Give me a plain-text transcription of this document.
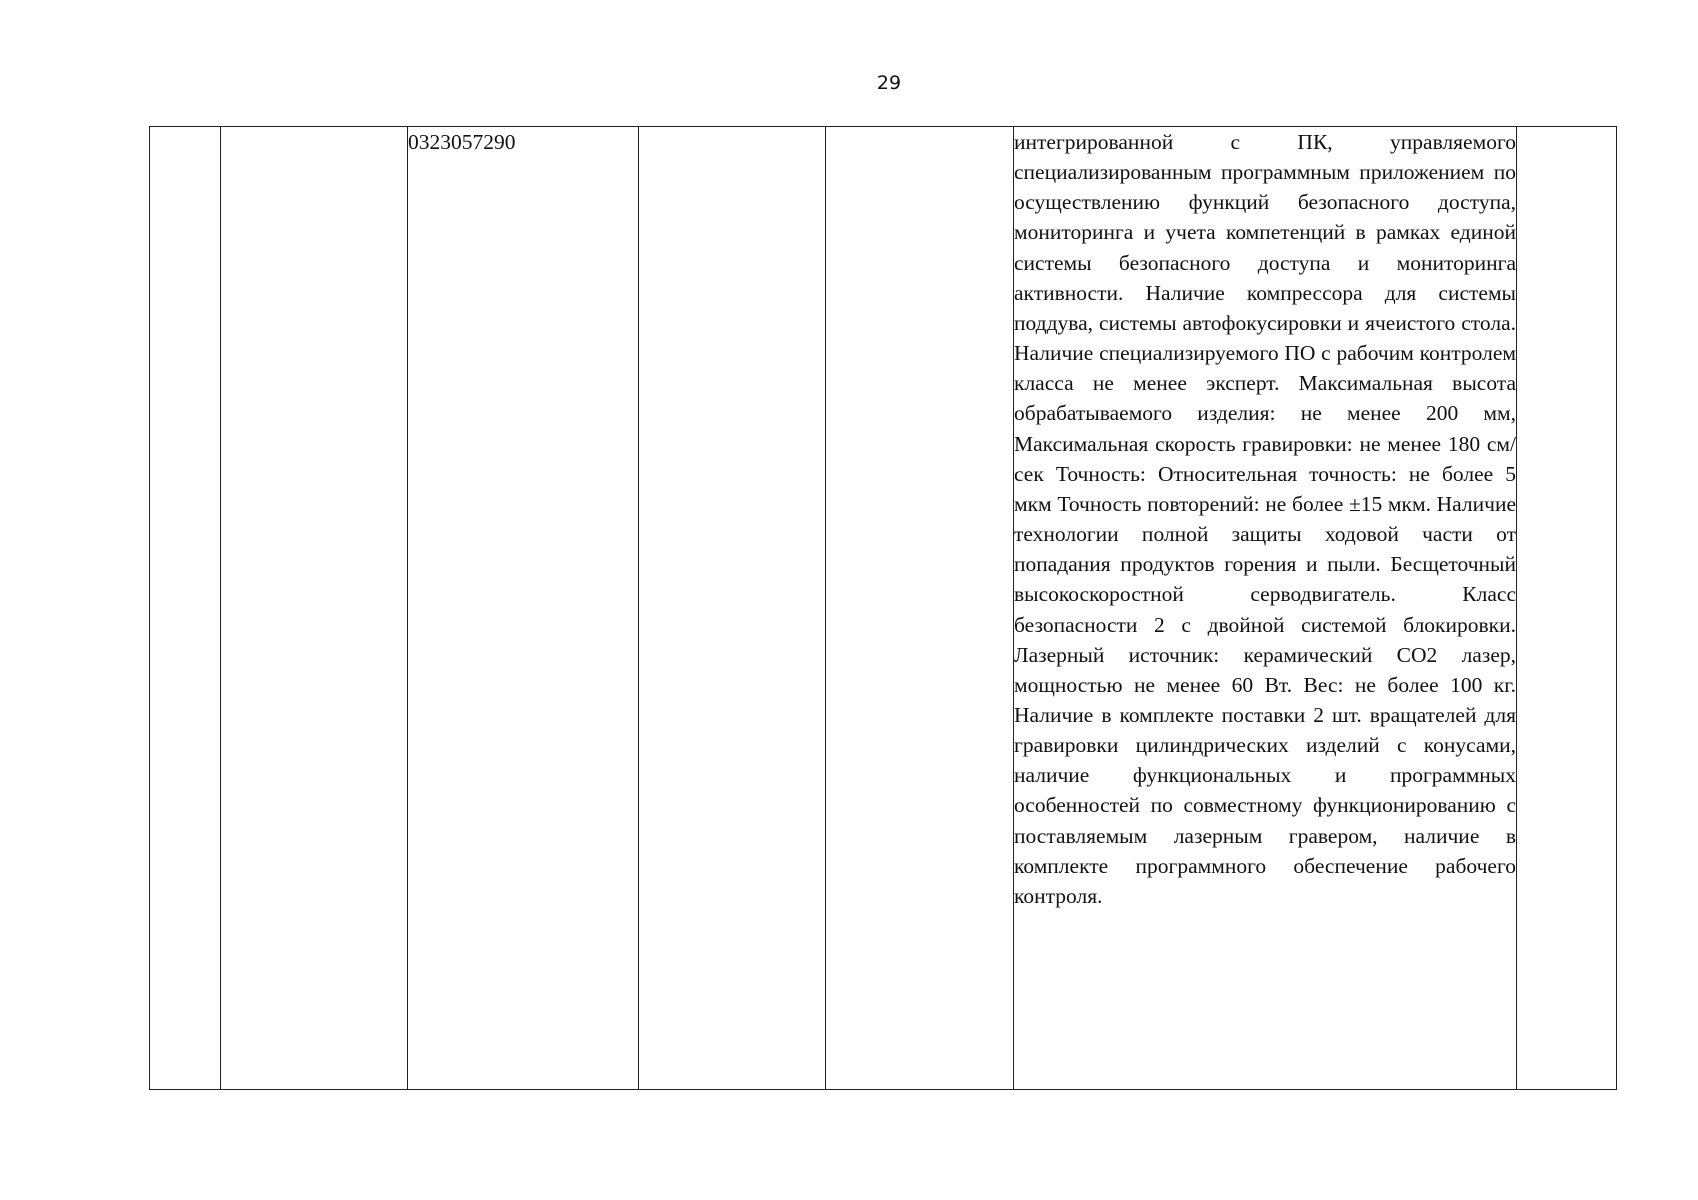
29
		0323057290			интегрированной с ПК, управляемого специализированным программным приложением по осуществлению функций безопасного доступа, мониторинга и учета компетенций в рамках единой системы безопасного доступа и мониторинга активности. Наличие компрессора для системы поддува, системы автофокусировки и ячеистого стола. Наличие специализируемого ПО с рабочим контролем класса не менее эксперт. Максимальная высота обрабатываемого изделия: не менее 200 мм, Максимальная скорость гравировки: не менее 180 см/сек Точность: Относительная точность: не более 5 мкм Точность повторений: не более ±15 мкм. Наличие технологии полной защиты ходовой части от попадания продуктов горения и пыли. Бесщеточный высокоскоростной серводвигатель. Класс безопасности 2 с двойной системой блокировки. Лазерный источник: керамический СО2 лазер, мощностью не менее 60 Вт. Вес: не более 100 кг. Наличие в комплекте поставки 2 шт. вращателей для гравировки цилиндрических изделий с конусами, наличие функциональных и программных особенностей по совместному функционированию с поставляемым лазерным гравером, наличие в комплекте программного обеспечение рабочего контроля.	
